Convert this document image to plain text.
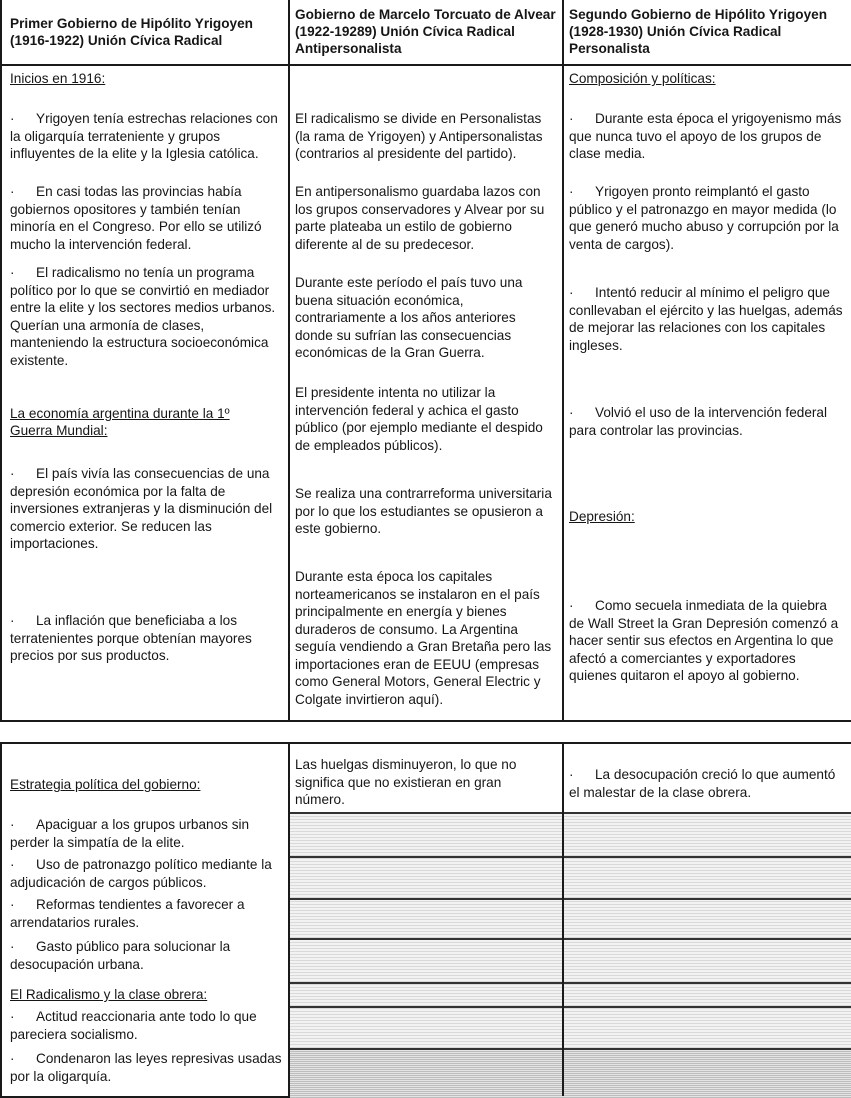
Primer Gobierno de Hipólito Yrigoyen (1916-1922) Unión Cívica Radical
Gobierno de Marcelo Torcuato de Alvear (1922-19289) Unión Cívica Radical Antipersonalista
Segundo Gobierno de Hipólito Yrigoyen (1928-1930) Unión Cívica Radical Personalista
Inicios en 1916:
· Yrigoyen tenía estrechas relaciones con la oligarquía terrateniente y grupos influyentes de la elite y la Iglesia católica.
· En casi todas las provincias había gobiernos opositores y también tenían minoría en el Congreso. Por ello se utilizó mucho la intervención federal.
· El radicalismo no tenía un programa político por lo que se convirtió en mediador entre la elite y los sectores medios urbanos. Querían una armonía de clases, manteniendo la estructura socioeconómica existente.
La economía argentina durante la 1º Guerra Mundial:
· El país vivía las consecuencias de una depresión económica por la falta de inversiones extranjeras y la disminución del comercio exterior. Se reducen las importaciones.
· La inflación que beneficiaba a los terratenientes porque obtenían mayores precios por sus productos.
El radicalismo se divide en Personalistas (la rama de Yrigoyen) y Antipersonalistas (contrarios al presidente del partido).
En antipersonalismo guardaba lazos con los grupos conservadores y Alvear por su parte plateaba un estilo de gobierno diferente al de su predecesor.
Durante este período el país tuvo una buena situación económica, contrariamente a los años anteriores donde su sufrían las consecuencias económicas de la Gran Guerra.
El presidente intenta no utilizar la intervención federal y achica el gasto público (por ejemplo mediante el despido de empleados públicos).
Se realiza una contrarreforma universitaria por lo que los estudiantes se opusieron a este gobierno.
Durante esta época los capitales norteamericanos se instalaron en el país principalmente en energía y bienes duraderos de consumo. La Argentina seguía vendiendo a Gran Bretaña pero las importaciones eran de EEUU (empresas como General Motors, General Electric y Colgate invirtieron aquí).
Composición y políticas:
· Durante esta época el yrigoyenismo más que nunca tuvo el apoyo de los grupos de clase media.
· Yrigoyen pronto reimplantó el gasto público y el patronazgo en mayor medida (lo que generó mucho abuso y corrupción por la venta de cargos).
· Intentó reducir al mínimo el peligro que conllevaban el ejército y las huelgas, además de mejorar las relaciones con los capitales ingleses.
· Volvió el uso de la intervención federal para controlar las provincias.
Depresión:
· Como secuela inmediata de la quiebra de Wall Street la Gran Depresión comenzó a hacer sentir sus efectos en Argentina lo que afectó a comerciantes y exportadores quienes quitaron el apoyo al gobierno.
Estrategia política del gobierno:
· Apaciguar a los grupos urbanos sin perder la simpatía de la elite.
· Uso de patronazgo político mediante la adjudicación de cargos públicos.
· Reformas tendientes a favorecer a arrendatarios rurales.
· Gasto público para solucionar la desocupación urbana.
El Radicalismo y la clase obrera:
· Actitud reaccionaria ante todo lo que pareciera socialismo.
· Condenaron las leyes represivas usadas por la oligarquía.
Las huelgas disminuyeron, lo que no significa que no existieran en gran número.
· La desocupación creció lo que aumentó el malestar de la clase obrera.
